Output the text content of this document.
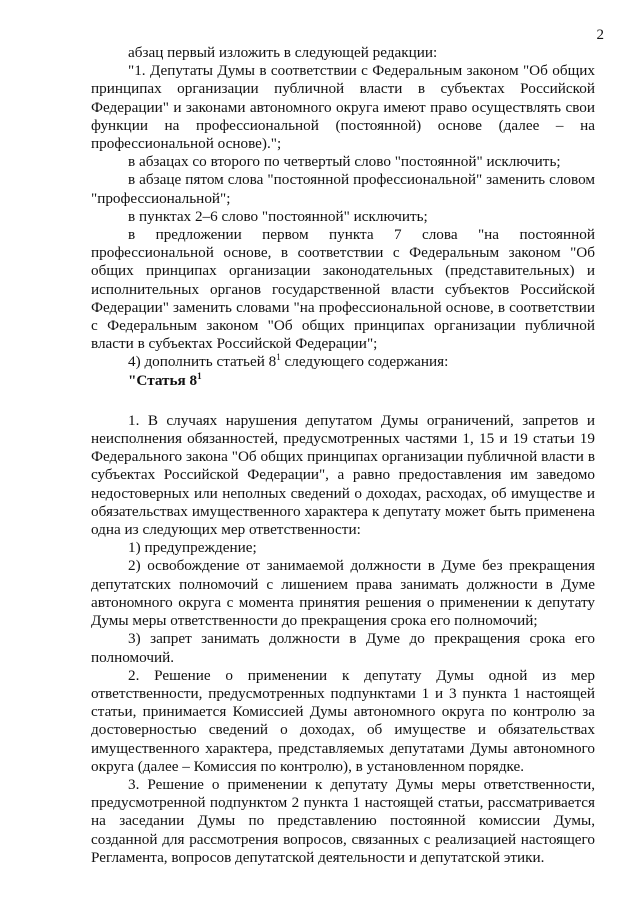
2

абзац первый изложить в следующей редакции:

"1. Депутаты Думы в соответствии с Федеральным законом "Об общих принципах организации публичной власти в субъектах Российской Федерации" и законами автономного округа имеют право осуществлять свои функции на профессиональной (постоянной) основе (далее – на профессиональной основе).";

в абзацах со второго по четвертый слово "постоянной" исключить;

в абзаце пятом слова "постоянной профессиональной" заменить словом "профессиональной";

в пунктах 2–6 слово "постоянной" исключить;

в предложении первом пункта 7 слова "на постоянной профессиональной основе, в соответствии с Федеральным законом "Об общих принципах организации законодательных (представительных) и исполнительных органов государственной власти субъектов Российской Федерации" заменить словами "на профессиональной основе, в соответствии с Федеральным законом "Об общих принципах организации публичной власти в субъектах Российской Федерации";

4) дополнить статьей $8^1$ следующего содержания:

"Статья $8^1$

1. В случаях нарушения депутатом Думы ограничений, запретов и неисполнения обязанностей, предусмотренных частями 1, 15 и 19 статьи 19 Федерального закона "Об общих принципах организации публичной власти в субъектах Российской Федерации", а равно предоставления им заведомо недостоверных или неполных сведений о доходах, расходах, об имуществе и обязательствах имущественного характера к депутату может быть применена одна из следующих мер ответственности:

1) предупреждение;

2) освобождение от занимаемой должности в Думе без прекращения депутатских полномочий с лишением права занимать должности в Думе автономного округа с момента принятия решения о применении к депутату Думы меры ответственности до прекращения срока его полномочий;

3) запрет занимать должности в Думе до прекращения срока его полномочий.

2. Решение о применении к депутату Думы одной из мер ответственности, предусмотренных подпунктами 1 и 3 пункта 1 настоящей статьи, принимается Комиссией Думы автономного округа по контролю за достоверностью сведений о доходах, об имуществе и обязательствах имущественного характера, представляемых депутатами Думы автономного округа (далее – Комиссия по контролю), в установленном порядке.

3. Решение о применении к депутату Думы меры ответственности, предусмотренной подпунктом 2 пункта 1 настоящей статьи, рассматривается на заседании Думы по представлению постоянной комиссии Думы, созданной для рассмотрения вопросов, связанных с реализацией настоящего Регламента, вопросов депутатской деятельности и депутатской этики.
